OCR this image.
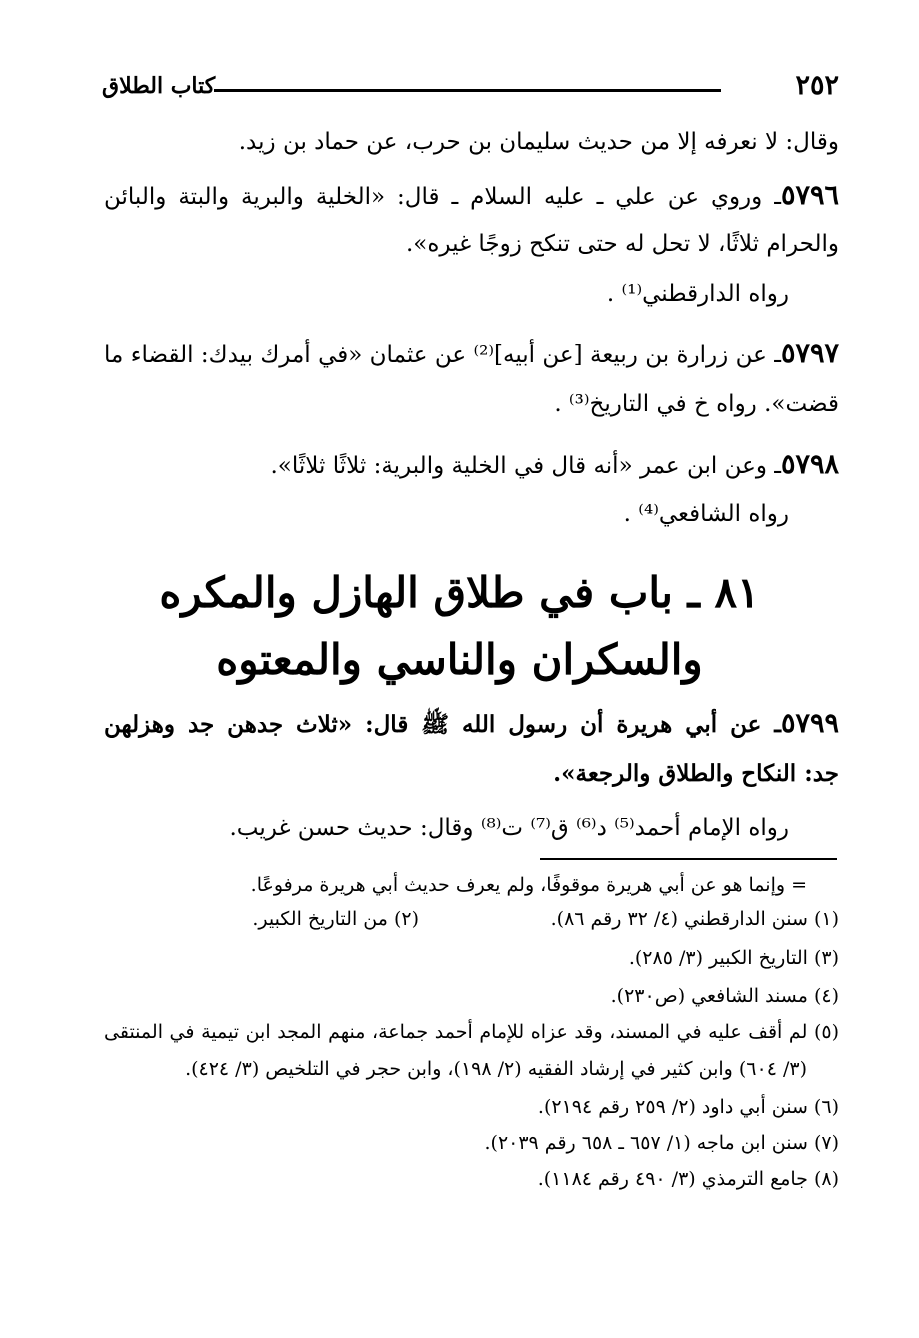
٢٥٢
كتاب الطلاق
وقال: لا نعرفه إلا من حديث سليمان بن حرب، عن حماد بن زيد.
٥٧٩٦ـ وروي عن علي ـ عليه السلام ـ قال: «الخلية والبرية والبتة والبائن
والحرام ثلاثًا، لا تحل له حتى تنكح زوجًا غيره».
رواه الدارقطني⁽¹⁾ .
٥٧٩٧ـ عن زرارة بن ربيعة [عن أبيه]⁽²⁾ عن عثمان «في أمرك بيدك: القضاء ما
قضت». رواه خ في التاريخ⁽³⁾ .
٥٧٩٨ـ وعن ابن عمر «أنه قال في الخلية والبرية: ثلاثًا ثلاثًا».
رواه الشافعي⁽⁴⁾ .
٨١ ـ باب في طلاق الهازل والمكره
والسكران والناسي والمعتوه
٥٧٩٩ـ عن أبي هريرة أن رسول الله ﷺ قال: «ثلاث جدهن جد وهزلهن
جد: النكاح والطلاق والرجعة».
رواه الإمام أحمد⁽⁵⁾ د⁽⁶⁾ ق⁽⁷⁾ ت⁽⁸⁾ وقال: حديث حسن غريب.
= وإنما هو عن أبي هريرة موقوفًا، ولم يعرف حديث أبي هريرة مرفوعًا.
(١) سنن الدارقطني (٤/ ٣٢ رقم ٨٦).
(٢) من التاريخ الكبير.
(٣) التاريخ الكبير (٣/ ٢٨٥).
(٤) مسند الشافعي (ص٢٣٠).
(٥) لم أقف عليه في المسند، وقد عزاه للإمام أحمد جماعة، منهم المجد ابن تيمية في المنتقى
(٣/ ٦٠٤) وابن كثير في إرشاد الفقيه (٢/ ١٩٨)، وابن حجر في التلخيص (٣/ ٤٢٤).
(٦) سنن أبي داود (٢/ ٢٥٩ رقم ٢١٩٤).
(٧) سنن ابن ماجه (١/ ٦٥٧ ـ ٦٥٨ رقم ٢٠٣٩).
(٨) جامع الترمذي (٣/ ٤٩٠ رقم ١١٨٤).
